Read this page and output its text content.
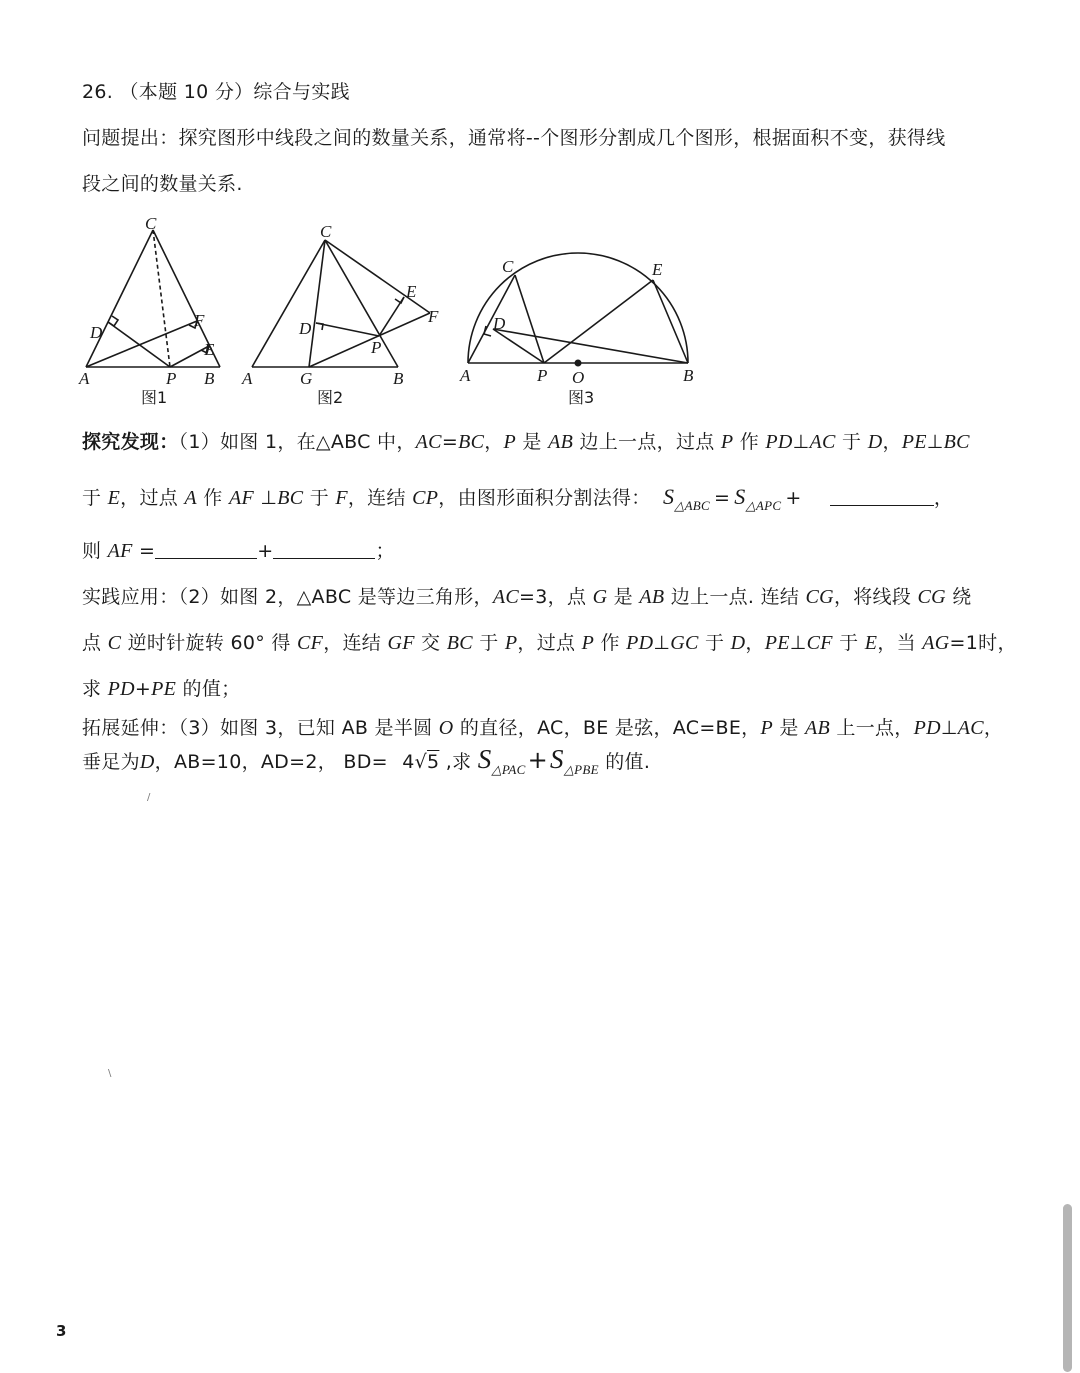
26. （本题 10 分）综合与实践
问题提出：探究图形中线段之间的数量关系，通常将--个图形分割成几个图形，根据面积不变，获得线
段之间的数量关系.
C
D
F
E
A	P B
图1
C
E
F
D
P
A	G	B
图2
C	E
D
A	P O	B
图3
探究发现：（1）如图 1，在△ABC 中，AC=BC，P 是 AB 边上一点，过点 P 作 PD⊥AC 于 D，PE⊥BC
于 E，过点 A 作 AF ⊥BC 于 F，连结 CP，由图形面积分割法得： $S_{\triangle ABC} = S_{\triangle APC}$ +	，
则 AF =	+	；
实践应用：（2）如图 2，△ABC 是等边三角形，AC=3，点 G 是 AB 边上一点. 连结 CG，将线段 CG 绕
点 C 逆时针旋转 60° 得 CF，连结 GF 交 BC 于 P，过点 P 作 PD⊥GC 于 D，PE⊥CF 于 E，当 AG=1时，
求 PD+PE 的值；
拓展延伸：（3）如图 3，已知 AB 是半圆 O 的直径，AC，BE 是弦，AC=BE，P 是 AB 上一点，PD⊥AC，
垂足为D，AB=10，AD=2， BD= 4√5 ,求 $S_{\triangle PAC}+S_{\triangle PBE}$ 的值.
/
\
3
